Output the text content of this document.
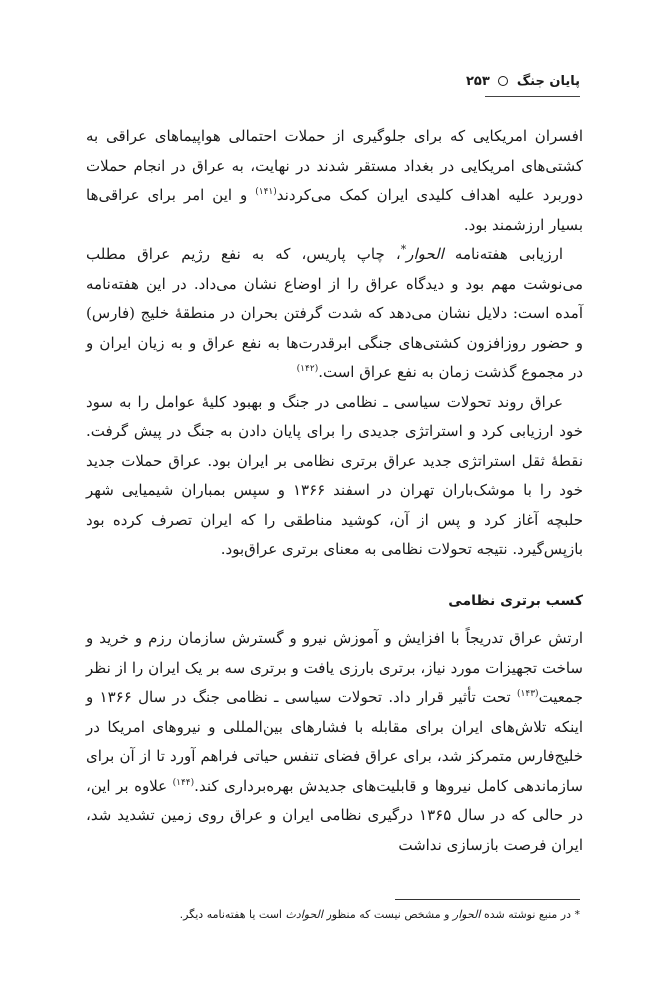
پایان جنگ  ۲۵۳

افسران امریکایی که برای جلوگیری از حملات احتمالی هواپیماهای عراقی به کشتی‌های امریکایی در بغداد مستقر شدند در نهایت، به عراق در انجام حملات دوربرد علیه اهداف کلیدی ایران کمک می‌کردند$^{(۱۴۱)}$ و این امر برای عراقی‌ها بسیار ارزشمند بود.

ارزیابی هفته‌نامه الحوار*، چاپ پاریس، که به نفع رژیم عراق مطلب می‌نوشت مهم بود و دیدگاه عراق را از اوضاع نشان می‌داد. در این هفته‌نامه آمده است: دلایل نشان می‌دهد که شدت گرفتن بحران در منطقهٔ خلیج (فارس) و حضور روزافزون کشتی‌های جنگی ابرقدرت‌ها به نفع عراق و به زیان ایران و در مجموع گذشت زمان به نفع عراق است.$^{(۱۴۲)}$

عراق روند تحولات سیاسی ـ نظامی در جنگ و بهبود کلیهٔ عوامل را به سود خود ارزیابی کرد و استراتژی جدیدی را برای پایان دادن به جنگ در پیش گرفت. نقطهٔ ثقل استراتژی جدید عراق برتری نظامی بر ایران بود. عراق حملات جدید خود را با موشک‌باران تهران در اسفند ۱۳۶۶ و سپس بمباران شیمیایی شهر حلبچه آغاز کرد و پس از آن، کوشید مناطقی را که ایران تصرف کرده بود بازپس‌گیرد. نتیجه تحولات نظامی به معنای برتری عراق‌بود.

کسب برتری نظامی

ارتش عراق تدریجاً با افزایش و آموزش نیرو و گسترش سازمان رزم و خرید و ساخت تجهیزات مورد نیاز، برتری بارزی یافت و برتری سه بر یک ایران را از نظر جمعیت$^{(۱۴۳)}$ تحت تأثیر قرار داد. تحولات سیاسی ـ نظامی جنگ در سال ۱۳۶۶ و اینکه تلاش‌های ایران برای مقابله با فشارهای بین‌المللی و نیروهای امریکا در خلیج‌فارس متمرکز شد، برای عراق فضای تنفس حیاتی فراهم آورد تا از آن برای سازماندهی کامل نیروها و قابلیت‌های جدیدش بهره‌برداری کند.$^{(۱۴۴)}$ علاوه بر این، در حالی که در سال ۱۳۶۵ درگیری نظامی ایران و عراق روی زمین تشدید شد، ایران فرصت بازسازی نداشت

* در منبع نوشته شده الحوار و مشخص نیست که منظور الحوادث است یا هفته‌نامه دیگر.
